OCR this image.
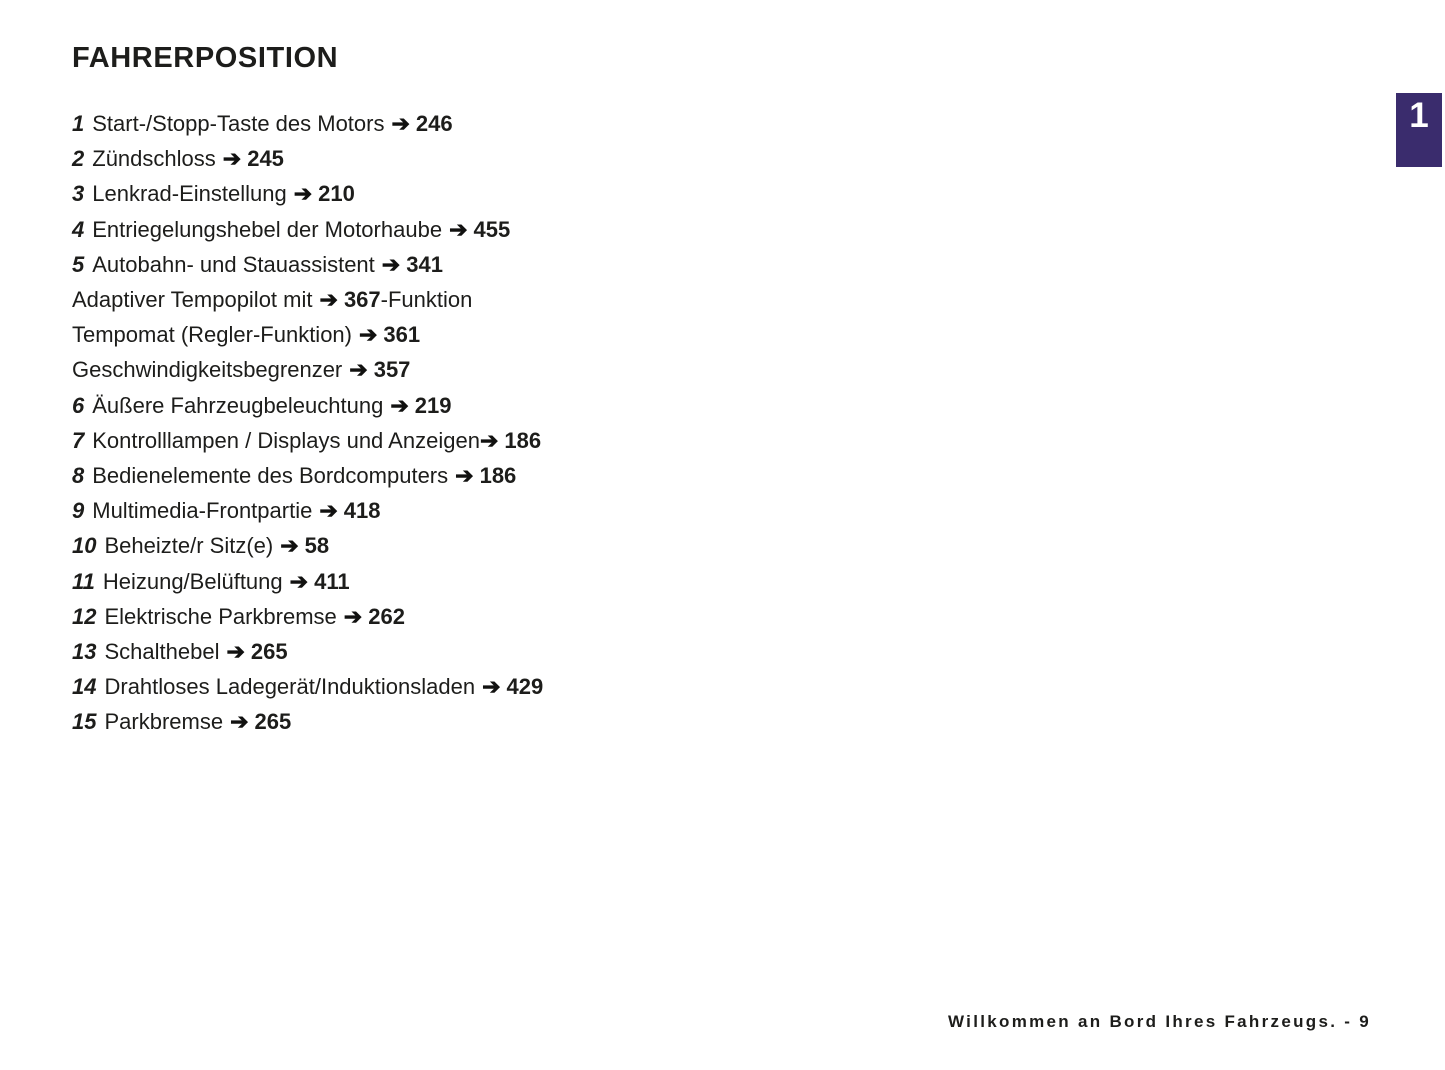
FAHRERPOSITION
1 Start-/Stopp-Taste des Motors ➔ 246
2 Zündschloss ➔ 245
3 Lenkrad-Einstellung ➔ 210
4 Entriegelungshebel der Motorhaube ➔ 455
5 Autobahn- und Stauassistent ➔ 341
Adaptiver Tempopilot mit ➔ 367-Funktion
Tempomat (Regler-Funktion) ➔ 361
Geschwindigkeitsbegrenzer ➔ 357
6 Äußere Fahrzeugbeleuchtung ➔ 219
7 Kontrolllampen / Displays und Anzeigen➔ 186
8 Bedienelemente des Bordcomputers ➔ 186
9 Multimedia-Frontpartie ➔ 418
10 Beheizte/r Sitz(e) ➔ 58
11 Heizung/Belüftung ➔ 411
12 Elektrische Parkbremse ➔ 262
13 Schalthebel ➔ 265
14 Drahtloses Ladegerät/Induktionsladen ➔ 429
15 Parkbremse ➔ 265
1
Willkommen an Bord Ihres Fahrzeugs. - 9
